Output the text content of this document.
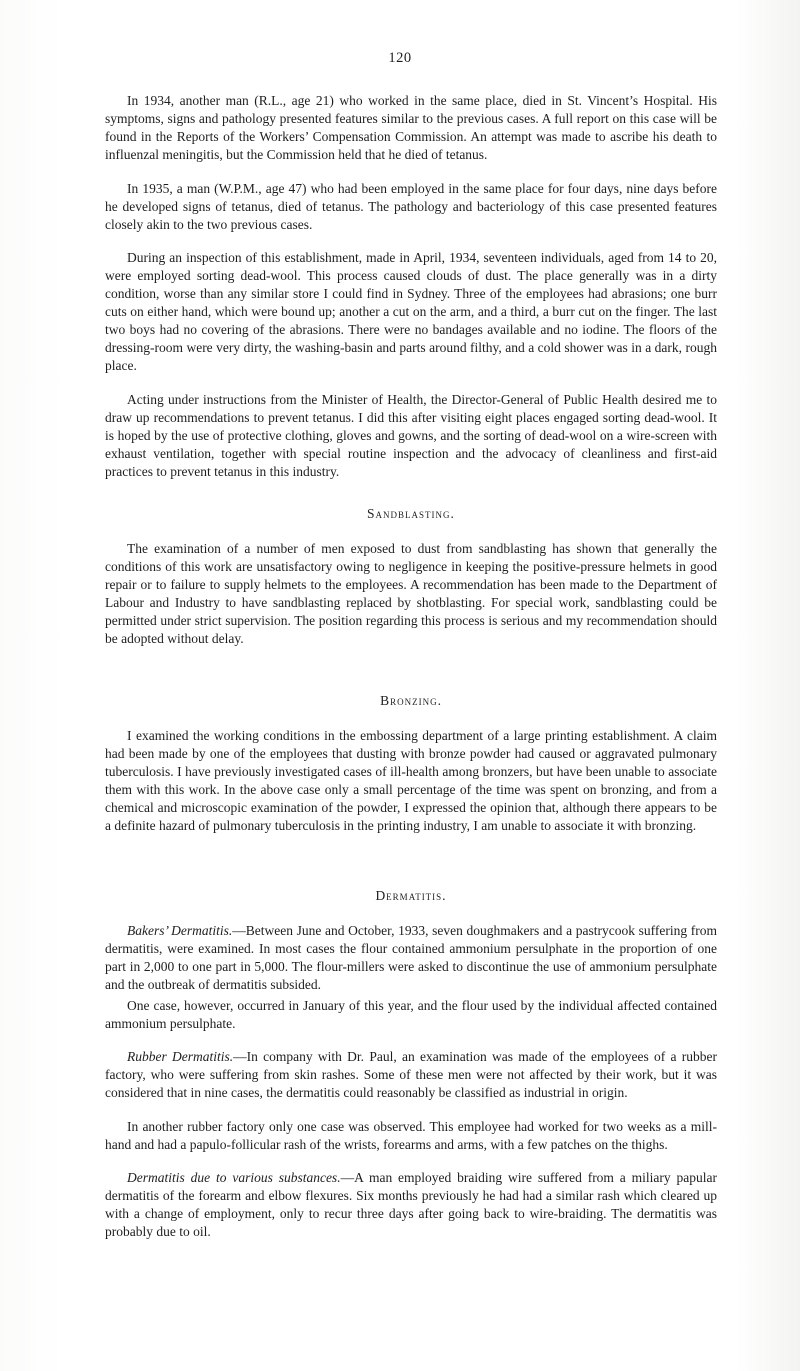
120

In 1934, another man (R.L., age 21) who worked in the same place, died in St. Vincent’s Hospital. His symptoms, signs and pathology presented features similar to the previous cases. A full report on this case will be found in the Reports of the Workers’ Compensation Commission. An attempt was made to ascribe his death to influenzal meningitis, but the Commission held that he died of tetanus.

In 1935, a man (W.P.M., age 47) who had been employed in the same place for four days, nine days before he developed signs of tetanus, died of tetanus. The pathology and bacteriology of this case presented features closely akin to the two previous cases.

During an inspection of this establishment, made in April, 1934, seventeen individuals, aged from 14 to 20, were employed sorting dead-wool. This process caused clouds of dust. The place generally was in a dirty condition, worse than any similar store I could find in Sydney. Three of the employees had abrasions; one burr cuts on either hand, which were bound up; another a cut on the arm, and a third, a burr cut on the finger. The last two boys had no covering of the abrasions. There were no bandages available and no iodine. The floors of the dressing-room were very dirty, the washing-basin and parts around filthy, and a cold shower was in a dark, rough place.

Acting under instructions from the Minister of Health, the Director-General of Public Health desired me to draw up recommendations to prevent tetanus. I did this after visiting eight places engaged sorting dead-wool. It is hoped by the use of protective clothing, gloves and gowns, and the sorting of dead-wool on a wire-screen with exhaust ventilation, together with special routine inspection and the advocacy of cleanliness and first-aid practices to prevent tetanus in this industry.

Sandblasting.

The examination of a number of men exposed to dust from sandblasting has shown that generally the conditions of this work are unsatisfactory owing to negligence in keeping the positive-pressure helmets in good repair or to failure to supply helmets to the employees. A recommendation has been made to the Department of Labour and Industry to have sandblasting replaced by shotblasting. For special work, sandblasting could be permitted under strict supervision. The position regarding this process is serious and my recommendation should be adopted without delay.

Bronzing.

I examined the working conditions in the embossing department of a large printing establishment. A claim had been made by one of the employees that dusting with bronze powder had caused or aggravated pulmonary tuberculosis. I have previously investigated cases of ill-health among bronzers, but have been unable to associate them with this work. In the above case only a small percentage of the time was spent on bronzing, and from a chemical and microscopic examination of the powder, I expressed the opinion that, although there appears to be a definite hazard of pulmonary tuberculosis in the printing industry, I am unable to associate it with bronzing.

Dermatitis.

Bakers’ Dermatitis.—Between June and October, 1933, seven doughmakers and a pastrycook suffering from dermatitis, were examined. In most cases the flour contained ammonium persulphate in the proportion of one part in 2,000 to one part in 5,000. The flour-millers were asked to discontinue the use of ammonium persulphate and the outbreak of dermatitis subsided.

One case, however, occurred in January of this year, and the flour used by the individual affected contained ammonium persulphate.

Rubber Dermatitis.—In company with Dr. Paul, an examination was made of the employees of a rubber factory, who were suffering from skin rashes. Some of these men were not affected by their work, but it was considered that in nine cases, the dermatitis could reasonably be classified as industrial in origin.

In another rubber factory only one case was observed. This employee had worked for two weeks as a mill-hand and had a papulo-follicular rash of the wrists, forearms and arms, with a few patches on the thighs.

Dermatitis due to various substances.—A man employed braiding wire suffered from a miliary papular dermatitis of the forearm and elbow flexures. Six months previously he had had a similar rash which cleared up with a change of employment, only to recur three days after going back to wire-braiding. The dermatitis was probably due to oil.
